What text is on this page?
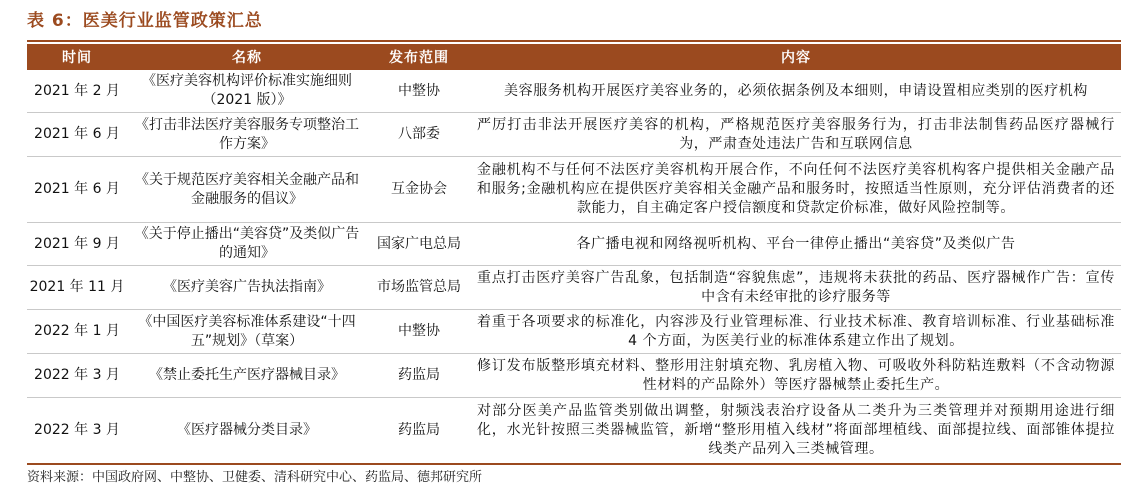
表 6：医美行业监管政策汇总
时间	名称	发布范围	内容
2021 年 2 月	《医疗美容机构评价标准实施细则（2021 版）》	中整协	美容服务机构开展医疗美容业务的，必须依据条例及本细则，申请设置相应类别的医疗机构
2021 年 6 月	《打击非法医疗美容服务专项整治工作方案》	八部委	严厉打击非法开展医疗美容的机构，严格规范医疗美容服务行为，打击非法制售药品医疗器械行为，严肃查处违法广告和互联网信息
2021 年 6 月	《关于规范医疗美容相关金融产品和金融服务的倡议》	互金协会	金融机构不与任何不法医疗美容机构开展合作，不向任何不法医疗美容机构客户提供相关金融产品和服务;金融机构应在提供医疗美容相关金融产品和服务时，按照适当性原则，充分评估消费者的还款能力，自主确定客户授信额度和贷款定价标准，做好风险控制等。
2021 年 9 月	《关于停止播出“美容贷”及类似广告的通知》	国家广电总局	各广播电视和网络视听机构、平台一律停止播出“美容贷”及类似广告
2021 年 11 月	《医疗美容广告执法指南》	市场监管总局	重点打击医疗美容广告乱象，包括制造“容貌焦虑”，违规将未获批的药品、医疗器械作广告：宣传中含有未经审批的诊疗服务等
2022 年 1 月	《中国医疗美容标准体系建设“十四五”规划》（草案）	中整协	着重于各项要求的标准化，内容涉及行业管理标准、行业技术标准、教育培训标准、行业基础标准 4 个方面，为医美行业的标准体系建立作出了规划。
2022 年 3 月	《禁止委托生产医疗器械目录》	药监局	修订发布版整形填充材料、整形用注射填充物、乳房植入物、可吸收外科防粘连敷料（不含动物源性材料的产品除外）等医疗器械禁止委托生产。
2022 年 3 月	《医疗器械分类目录》	药监局	对部分医美产品监管类别做出调整，射频浅表治疗设备从二类升为三类管理并对预期用途进行细化，水光针按照三类器械监管，新增“整形用植入线材”将面部埋植线、面部提拉线、面部锥体提拉线类产品列入三类械管理。
资料来源：中国政府网、中整协、卫健委、清科研究中心、药监局、德邦研究所
